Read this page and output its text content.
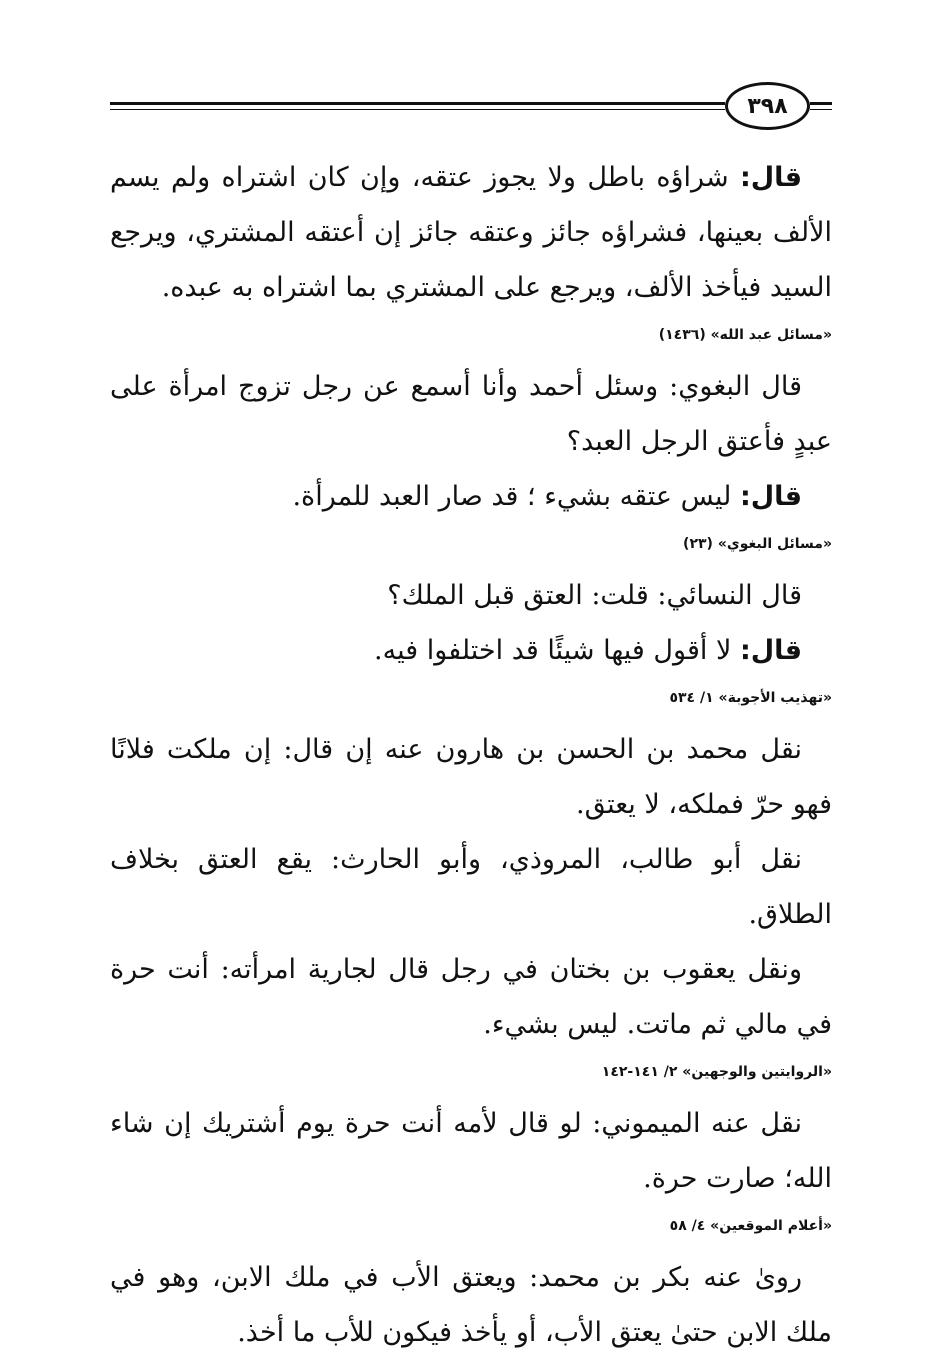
٣٩٨

قال: شراؤه باطل ولا يجوز عتقه، وإن كان اشتراه ولم يسم الألف بعينها، فشراؤه جائز وعتقه جائز إن أعتقه المشتري، ويرجع السيد فيأخذ الألف، ويرجع على المشتري بما اشتراه به عبده.

«مسائل عبد الله» (١٤٣٦)

قال البغوي: وسئل أحمد وأنا أسمع عن رجل تزوج امرأة على عبدٍ فأعتق الرجل العبد؟

قال: ليس عتقه بشيء ؛ قد صار العبد للمرأة.

«مسائل البغوي» (٢٣)

قال النسائي: قلت: العتق قبل الملك؟

قال: لا أقول فيها شيئًا قد اختلفوا فيه.

«تهذيب الأجوبة» ١/ ٥٣٤

نقل محمد بن الحسن بن هارون عنه إن قال: إن ملكت فلانًا فهو حرّ فملكه، لا يعتق.

نقل أبو طالب، المروذي، وأبو الحارث: يقع العتق بخلاف الطلاق.

ونقل يعقوب بن بختان في رجل قال لجارية امرأته: أنت حرة في مالي ثم ماتت. ليس بشيء.

«الروايتين والوجهين» ٢/ ١٤١-١٤٢

نقل عنه الميموني: لو قال لأمه أنت حرة يوم أشتريك إن شاء الله؛ صارت حرة.

«أعلام الموقعين» ٤/ ٥٨

روىٰ عنه بكر بن محمد: ويعتق الأب في ملك الابن، وهو في ملك الابن حتىٰ يعتق الأب، أو يأخذ فيكون للأب ما أخذ.
